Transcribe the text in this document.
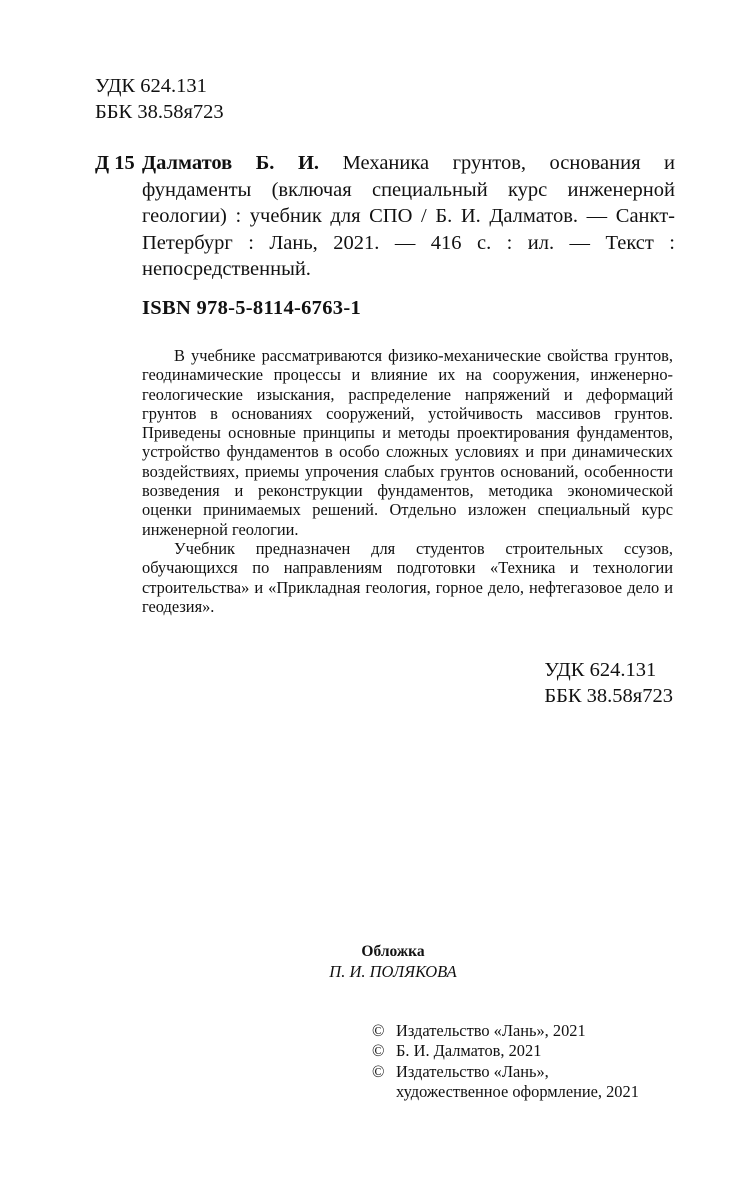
УДК 624.131
ББК 38.58я723
Д 15 Далматов Б. И. Механика грунтов, основания и фундаменты (включая специальный курс инженерной геологии) : учебник для СПО / Б. И. Далматов. — Санкт-Петербург : Лань, 2021. — 416 с. : ил. — Текст : непосредственный.
ISBN 978-5-8114-6763-1

В учебнике рассматриваются физико-механические свойства грунтов, геодинамические процессы и влияние их на сооружения, инженерно-геологические изыскания, распределение напряжений и деформаций грунтов в основаниях сооружений, устойчивость массивов грунтов. Приведены основные принципы и методы проектирования фундаментов, устройство фундаментов в особо сложных условиях и при динамических воздействиях, приемы упрочения слабых грунтов оснований, особенности возведения и реконструкции фундаментов, методика экономической оценки принимаемых решений. Отдельно изложен специальный курс инженерной геологии.

Учебник предназначен для студентов строительных ссузов, обучающихся по направлениям подготовки «Техника и технологии строительства» и «Прикладная геология, горное дело, нефтегазовое дело и геодезия».

УДК 624.131
ББК 38.58я723
Обложка
П. И. ПОЛЯКОВА
© Издательство «Лань», 2021
© Б. И. Далматов, 2021
© Издательство «Лань»,
художественное оформление, 2021
